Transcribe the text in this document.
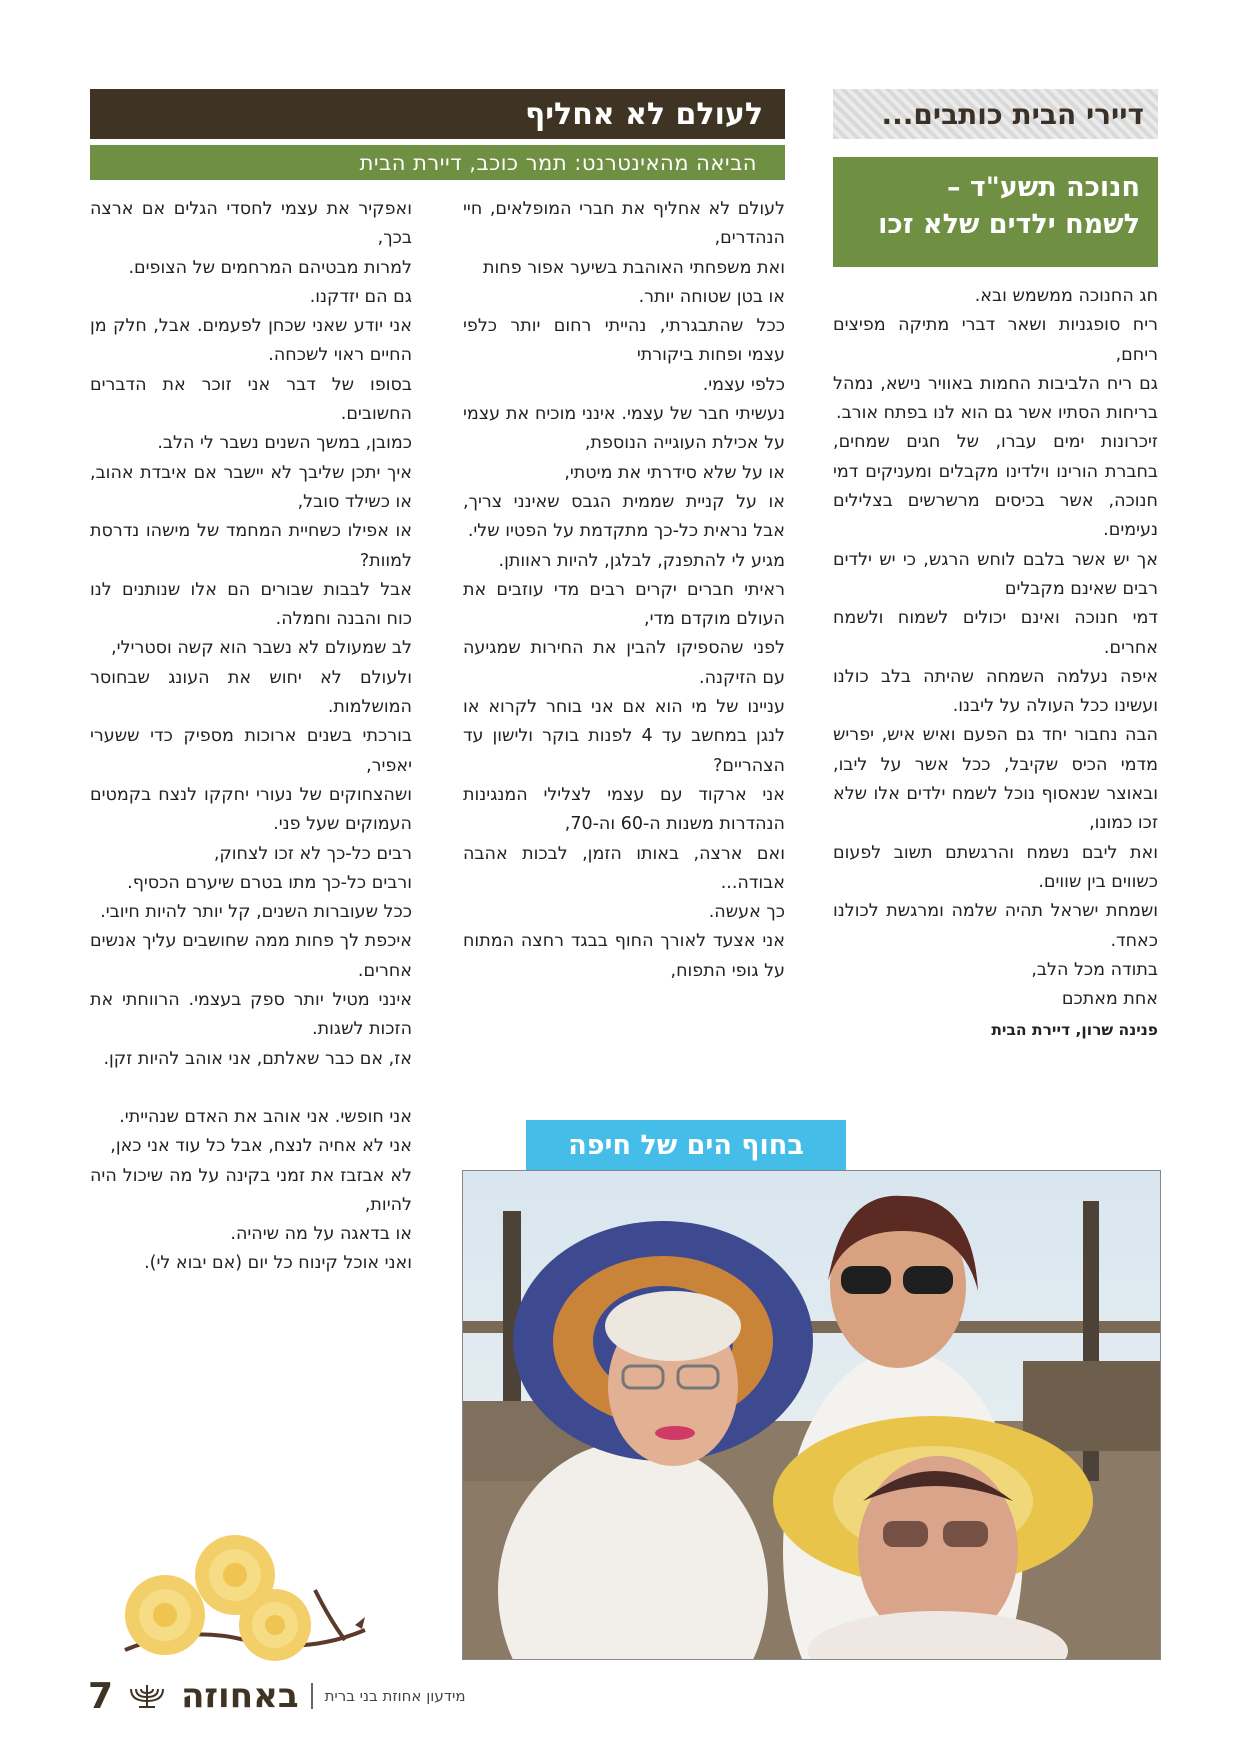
דיירי הבית כותבים...
חנוכה תשע"ד –
לשמח ילדים שלא זכו

חג החנוכה ממשמש ובא.

ריח סופגניות ושאר דברי מתיקה מפיצים ריחם,

גם ריח הלביבות החמות באוויר נישא, נמהל בריחות הסתיו אשר גם הוא לנו בפתח אורב.

זיכרונות ימים עברו, של חגים שמחים, בחברת הורינו וילדינו מקבלים ומעניקים דמי חנוכה, אשר בכיסים מרשרשים בצלילים נעימים.

אך יש אשר בלבם לוחש הרגש, כי יש ילדים רבים שאינם מקבלים

דמי חנוכה ואינם יכולים לשמוח ולשמח אחרים.

איפה נעלמה השמחה שהיתה בלב כולנו ועשינו ככל העולה על ליבנו.

הבה נחבור יחד גם הפעם ואיש איש, יפריש מדמי הכיס שקיבל, ככל אשר על ליבו, ובאוצר שנאסוף נוכל לשמח ילדים אלו שלא זכו כמונו,

ואת ליבם נשמח והרגשתם תשוב לפעום כשווים בין שווים.

ושמחת ישראל תהיה שלמה ומרגשת לכולנו כאחד.

בתודה מכל הלב,

אחת מאתכם

פנינה שרון, דיירת הבית

לעולם לא אחליף
הביאה מהאינטרנט: תמר כוכב, דיירת הבית

לעולם לא אחליף את חברי המופלאים, חיי הנהדרים,

ואת משפחתי האוהבת בשיער אפור פחות

או בטן שטוחה יותר.

ככל שהתבגרתי, נהייתי רחום יותר כלפי עצמי ופחות ביקורתי

כלפי עצמי.

נעשיתי חבר של עצמי. אינני מוכיח את עצמי על אכילת העוגייה הנוספת,

או על שלא סידרתי את מיטתי,

או על קניית שממית הגבס שאינני צריך, אבל נראית כל-כך מתקדמת על הפטיו שלי.

מגיע לי להתפנק, לבלגן, להיות ראוותן.

ראיתי חברים יקרים רבים מדי עוזבים את העולם מוקדם מדי,

לפני שהספיקו להבין את החירות שמגיעה עם הזיקנה.

עניינו של מי הוא אם אני בוחר לקרוא או לנגן במחשב עד 4 לפנות בוקר ולישון עד הצהריים?

אני ארקוד עם עצמי לצלילי המנגינות הנהדרות משנות ה-60 וה-70,

ואם ארצה, באותו הזמן, לבכות אהבה אבודה...

כך אעשה.

אני אצעד לאורך החוף בבגד רחצה המתוח על גופי התפוח,

ואפקיר את עצמי לחסדי הגלים אם ארצה בכך,

למרות מבטיהם המרחמים של הצופים.

גם הם יזדקנו.

אני יודע שאני שכחן לפעמים. אבל, חלק מן החיים ראוי לשכחה.

בסופו של דבר אני זוכר את הדברים החשובים.

כמובן, במשך השנים נשבר לי הלב.

איך יתכן שליבך לא יישבר אם איבדת אהוב, או כשילד סובל,

או אפילו כשחיית המחמד של מישהו נדרסת למוות?

אבל לבבות שבורים הם אלו שנותנים לנו כוח והבנה וחמלה.

לב שמעולם לא נשבר הוא קשה וסטרילי,

ולעולם לא יחוש את העונג שבחוסר המושלמות.

בורכתי בשנים ארוכות מספיק כדי ששערי יאפיר,

ושהצחוקים של נעורי יחקקו לנצח בקמטים העמוקים שעל פני.

רבים כל-כך לא זכו לצחוק,

ורבים כל-כך מתו בטרם שיערם הכסיף.

ככל שעוברות השנים, קל יותר להיות חיובי.

איכפת לך פחות ממה שחושבים עליך אנשים אחרים.

אינני מטיל יותר ספק בעצמי. הרווחתי את הזכות לשגות.

אז, אם כבר שאלתם, אני אוהב להיות זקן.

אני חופשי. אני אוהב את האדם שנהייתי.

אני לא אחיה לנצח, אבל כל עוד אני כאן,

לא אבזבז את זמני בקינה על מה שיכול היה להיות,

או בדאגה על מה שיהיה.

ואני אוכל קינוח כל יום (אם יבוא לי).

בחוף הים של חיפה
מידעון אחוזת בני ברית
באחוזה
7
